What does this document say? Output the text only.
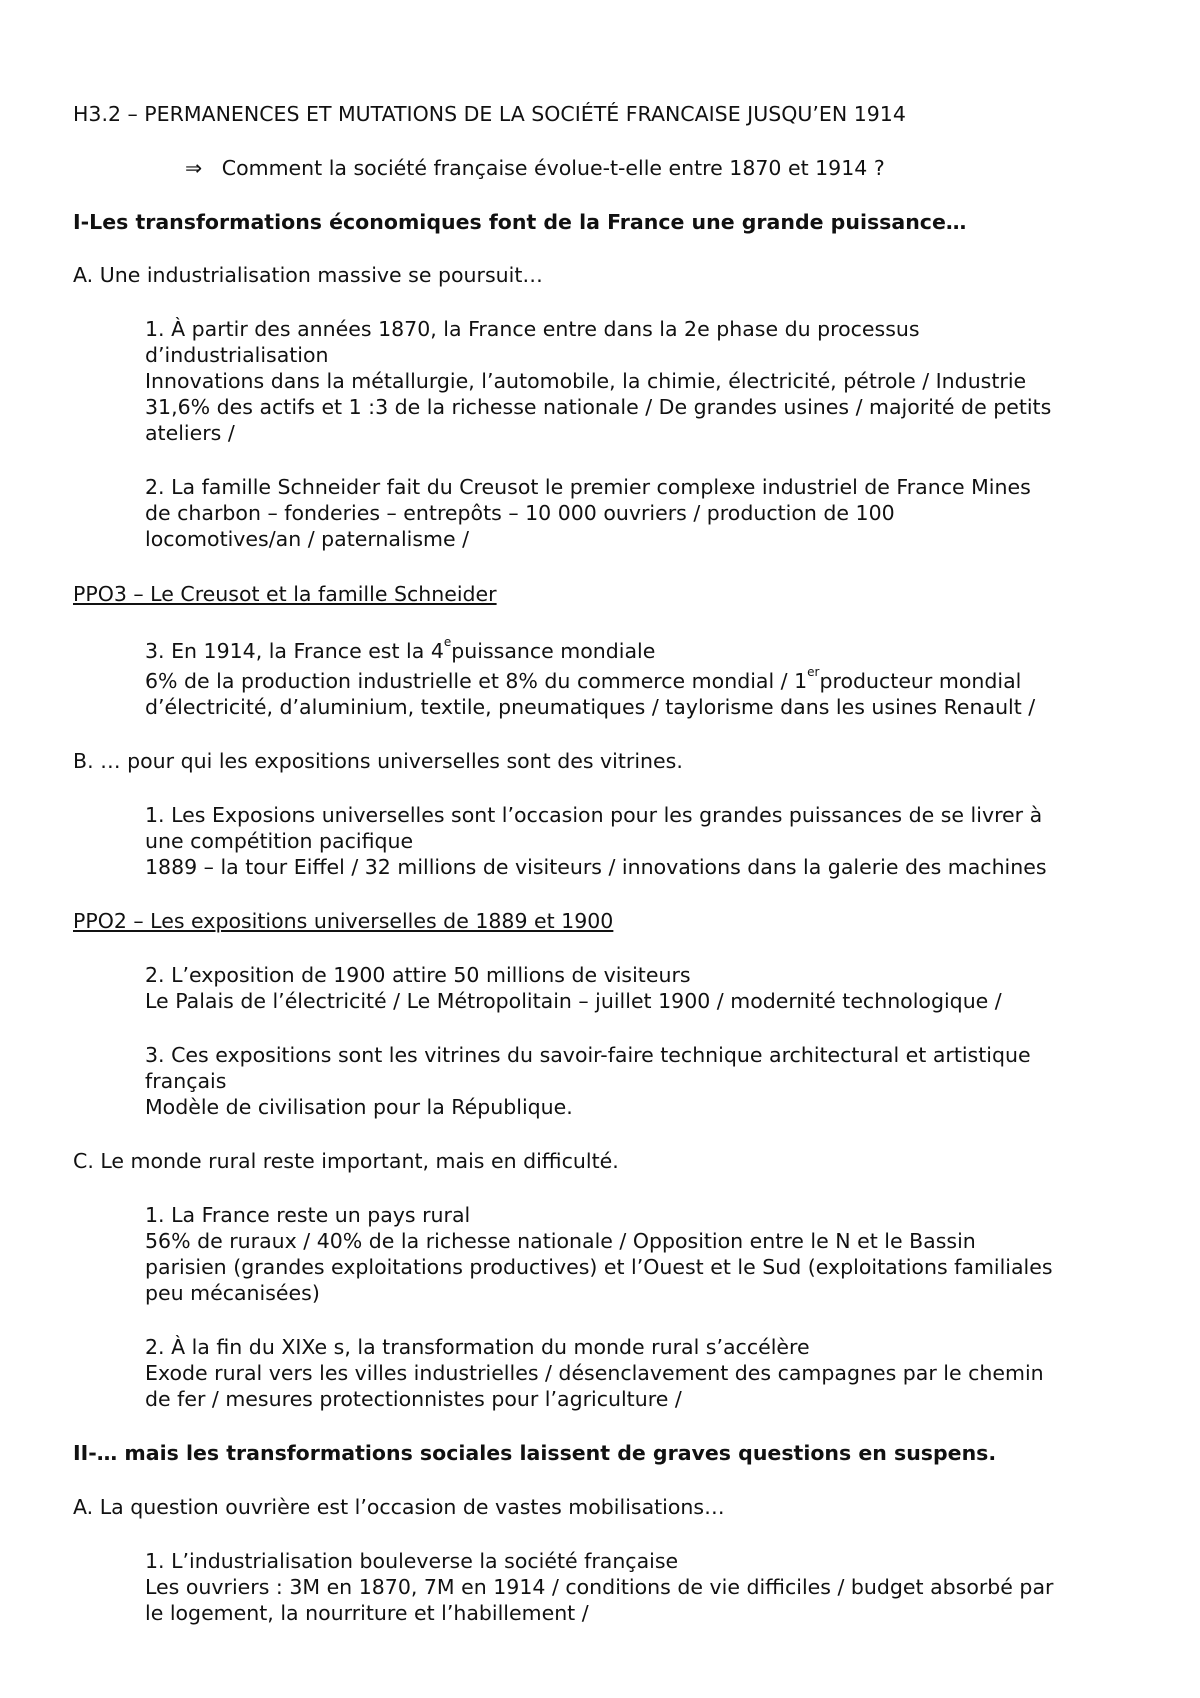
H3.2 – PERMANENCES ET MUTATIONS DE LA SOCIÉTÉ FRANCAISE JUSQU’EN 1914

⇒ Comment la société française évolue-t-elle entre 1870 et 1914 ?

I-Les transformations économiques font de la France une grande puissance…

A. Une industrialisation massive se poursuit…

1. À partir des années 1870, la France entre dans la 2e phase du processus

d’industrialisation

Innovations dans la métallurgie, l’automobile, la chimie, électricité, pétrole / Industrie

31,6% des actifs et 1 :3 de la richesse nationale / De grandes usines / majorité de petits

ateliers /

2. La famille Schneider fait du Creusot le premier complexe industriel de France Mines

de charbon – fonderies – entrepôts – 10 000 ouvriers / production de 100

locomotives/an / paternalisme /

PPO3 – Le Creusot et la famille Schneider

3. En 1914, la France est la 4epuissance mondiale

6% de la production industrielle et 8% du commerce mondial / 1erproducteur mondial

d’électricité, d’aluminium, textile, pneumatiques / taylorisme dans les usines Renault /

B. … pour qui les expositions universelles sont des vitrines.

1. Les Exposions universelles sont l’occasion pour les grandes puissances de se livrer à

une compétition pacifique

1889 – la tour Eiffel / 32 millions de visiteurs / innovations dans la galerie des machines

PPO2 – Les expositions universelles de 1889 et 1900

2. L’exposition de 1900 attire 50 millions de visiteurs

Le Palais de l’électricité / Le Métropolitain – juillet 1900 / modernité technologique /

3. Ces expositions sont les vitrines du savoir-faire technique architectural et artistique

français

Modèle de civilisation pour la République.

C. Le monde rural reste important, mais en difficulté.

1. La France reste un pays rural

56% de ruraux / 40% de la richesse nationale / Opposition entre le N et le Bassin

parisien (grandes exploitations productives) et l’Ouest et le Sud (exploitations familiales

peu mécanisées)

2. À la fin du XIXe s, la transformation du monde rural s’accélère

Exode rural vers les villes industrielles / désenclavement des campagnes par le chemin

de fer / mesures protectionnistes pour l’agriculture /

II-… mais les transformations sociales laissent de graves questions en suspens.

A. La question ouvrière est l’occasion de vastes mobilisations…

1. L’industrialisation bouleverse la société française

Les ouvriers : 3M en 1870, 7M en 1914 / conditions de vie difficiles / budget absorbé par

le logement, la nourriture et l’habillement /
